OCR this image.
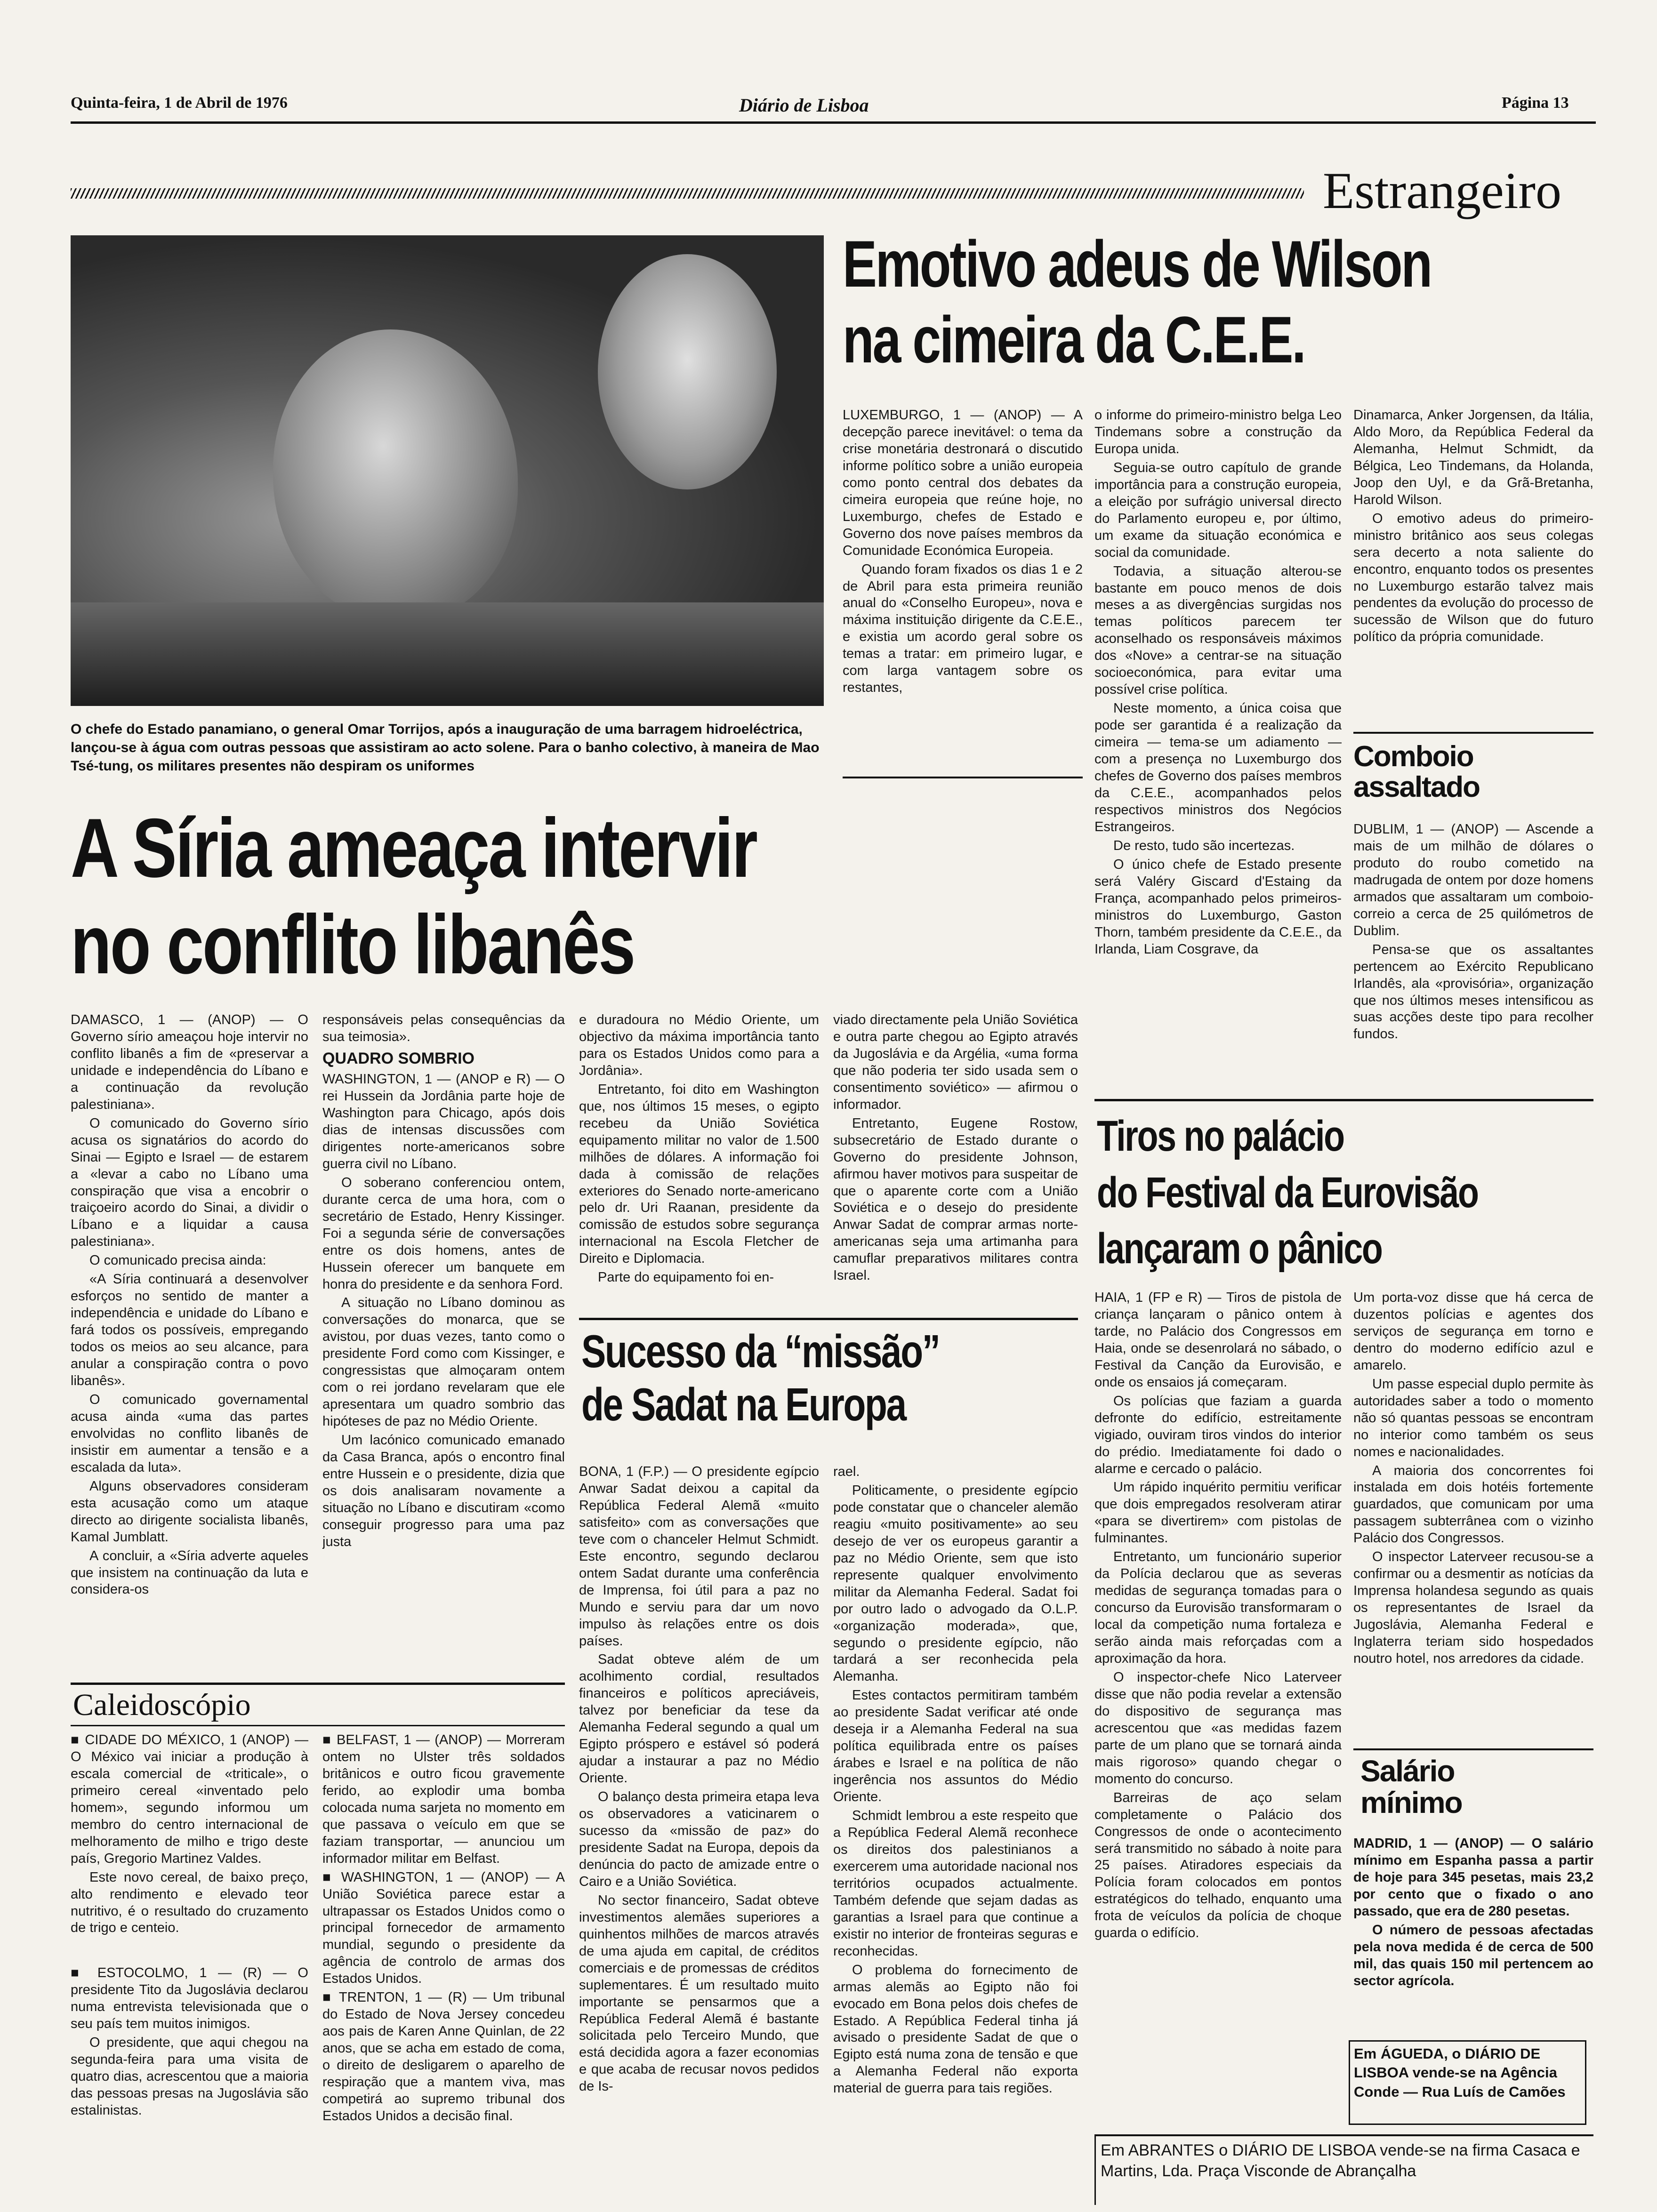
Quinta-feira, 1 de Abril de 1976	Diário de Lisboa	Página 13
Estrangeiro
O chefe do Estado panamiano, o general Omar Torrijos, após a inauguração de uma barragem hidroeléctrica, lançou-se à água com outras pessoas que assistiram ao acto solene. Para o banho colectivo, à maneira de Mao Tsé-tung, os militares presentes não despiram os uniformes
Emotivo adeus de Wilson
na cimeira da C.E.E.

LUXEMBURGO, 1 — (ANOP) — A decepção parece inevitável: o tema da crise monetária destronará o discutido informe político sobre a união europeia como ponto central dos debates da cimeira europeia que reúne hoje, no Luxemburgo, chefes de Estado e Governo dos nove países membros da Comunidade Económica Europeia.

Quando foram fixados os dias 1 e 2 de Abril para esta primeira reunião anual do «Conselho Europeu», nova e máxima instituição dirigente da C.E.E., e existia um acordo geral sobre os temas a tratar: em primeiro lugar, e com larga vantagem sobre os restantes,

o informe do primeiro-ministro belga Leo Tindemans sobre a construção da Europa unida.

Seguia-se outro capítulo de grande importância para a construção europeia, a eleição por sufrágio universal directo do Parlamento europeu e, por último, um exame da situação económica e social da comunidade.

Todavia, a situação alterou-se bastante em pouco menos de dois meses a as divergências surgidas nos temas políticos parecem ter aconselhado os responsáveis máximos dos «Nove» a centrar-se na situação socioeconómica, para evitar uma possível crise política.

Neste momento, a única coisa que pode ser garantida é a realização da cimeira — tema-se um adiamento — com a presença no Luxemburgo dos chefes de Governo dos países membros da C.E.E., acompanhados pelos respectivos ministros dos Negócios Estrangeiros.

De resto, tudo são incertezas.

O único chefe de Estado presente será Valéry Giscard d'Estaing da França, acompanhado pelos primeiros-ministros do Luxemburgo, Gaston Thorn, também presidente da C.E.E., da Irlanda, Liam Cosgrave, da

Dinamarca, Anker Jorgensen, da Itália, Aldo Moro, da República Federal da Alemanha, Helmut Schmidt, da Bélgica, Leo Tindemans, da Holanda, Joop den Uyl, e da Grã-Bretanha, Harold Wilson.

O emotivo adeus do primeiro-ministro britânico aos seus colegas sera decerto a nota saliente do encontro, enquanto todos os presentes no Luxemburgo estarão talvez mais pendentes da evolução do processo de sucessão de Wilson que do futuro político da própria comunidade.

Comboio
assaltado

DUBLIM, 1 — (ANOP) — Ascende a mais de um milhão de dólares o produto do roubo cometido na madrugada de ontem por doze homens armados que assaltaram um comboio-correio a cerca de 25 quilómetros de Dublim.

Pensa-se que os assaltantes pertencem ao Exército Republicano Irlandês, ala «provisória», organização que nos últimos meses intensificou as suas acções deste tipo para recolher fundos.

A Síria ameaça intervir
no conflito libanês

DAMASCO, 1 — (ANOP) — O Governo sírio ameaçou hoje intervir no conflito libanês a fim de «preservar a unidade e independência do Líbano e a continuação da revolução palestiniana».

O comunicado do Governo sírio acusa os signatários do acordo do Sinai — Egipto e Israel — de estarem a «levar a cabo no Líbano uma conspiração que visa a encobrir o traiçoeiro acordo do Sinai, a dividir o Líbano e a liquidar a causa palestiniana».

O comunicado precisa ainda:

«A Síria continuará a desenvolver esforços no sentido de manter a independência e unidade do Líbano e fará todos os possíveis, empregando todos os meios ao seu alcance, para anular a conspiração contra o povo libanês».

O comunicado governamental acusa ainda «uma das partes envolvidas no conflito libanês de insistir em aumentar a tensão e a escalada da luta».

Alguns observadores consideram esta acusação como um ataque directo ao dirigente socialista libanês, Kamal Jumblatt.

A concluir, a «Síria adverte aqueles que insistem na continuação da luta e considera-os

responsáveis pelas consequências da sua teimosia».

QUADRO SOMBRIO

WASHINGTON, 1 — (ANOP e R) — O rei Hussein da Jordânia parte hoje de Washington para Chicago, após dois dias de intensas discussões com dirigentes norte-americanos sobre guerra civil no Líbano.

O soberano conferenciou ontem, durante cerca de uma hora, com o secretário de Estado, Henry Kissinger. Foi a segunda série de conversações entre os dois homens, antes de Hussein oferecer um banquete em honra do presidente e da senhora Ford.

A situação no Líbano dominou as conversações do monarca, que se avistou, por duas vezes, tanto como o presidente Ford como com Kissinger, e congressistas que almoçaram ontem com o rei jordano revelaram que ele apresentara um quadro sombrio das hipóteses de paz no Médio Oriente.

Um lacónico comunicado emanado da Casa Branca, após o encontro final entre Hussein e o presidente, dizia que os dois analisaram novamente a situação no Líbano e discutiram «como conseguir progresso para uma paz justa

e duradoura no Médio Oriente, um objectivo da máxima importância tanto para os Estados Unidos como para a Jordânia».

Entretanto, foi dito em Washington que, nos últimos 15 meses, o egipto recebeu da União Soviética equipamento militar no valor de 1.500 milhões de dólares. A informação foi dada à comissão de relações exteriores do Senado norte-americano pelo dr. Uri Raanan, presidente da comissão de estudos sobre segurança internacional na Escola Fletcher de Direito e Diplomacia.

Parte do equipamento foi en-

viado directamente pela União Soviética e outra parte chegou ao Egipto através da Jugoslávia e da Argélia, «uma forma que não poderia ter sido usada sem o consentimento soviético» — afirmou o informador.

Entretanto, Eugene Rostow, subsecretário de Estado durante o Governo do presidente Johnson, afirmou haver motivos para suspeitar de que o aparente corte com a União Soviética e o desejo do presidente Anwar Sadat de comprar armas norte-americanas seja uma artimanha para camuflar preparativos militares contra Israel.

Sucesso da “missão”
de Sadat na Europa

BONA, 1 (F.P.) — O presidente egípcio Anwar Sadat deixou a capital da República Federal Alemã «muito satisfeito» com as conversações que teve com o chanceler Helmut Schmidt. Este encontro, segundo declarou ontem Sadat durante uma conferência de Imprensa, foi útil para a paz no Mundo e serviu para dar um novo impulso às relações entre os dois países.

Sadat obteve além de um acolhimento cordial, resultados financeiros e políticos apreciáveis, talvez por beneficiar da tese da Alemanha Federal segundo a qual um Egipto próspero e estável só poderá ajudar a instaurar a paz no Médio Oriente.

O balanço desta primeira etapa leva os observadores a vaticinarem o sucesso da «missão de paz» do presidente Sadat na Europa, depois da denúncia do pacto de amizade entre o Cairo e a União Soviética.

No sector financeiro, Sadat obteve investimentos alemães superiores a quinhentos milhões de marcos através de uma ajuda em capital, de créditos comerciais e de promessas de créditos suplementares. É um resultado muito importante se pensarmos que a República Federal Alemã é bastante solicitada pelo Terceiro Mundo, que está decidida agora a fazer economias e que acaba de recusar novos pedidos de Is-

rael.

Politicamente, o presidente egípcio pode constatar que o chanceler alemão reagiu «muito positivamente» ao seu desejo de ver os europeus garantir a paz no Médio Oriente, sem que isto represente qualquer envolvimento militar da Alemanha Federal. Sadat foi por outro lado o advogado da O.L.P. «organização moderada», que, segundo o presidente egípcio, não tardará a ser reconhecida pela Alemanha.

Estes contactos permitiram também ao presidente Sadat verificar até onde deseja ir a Alemanha Federal na sua política equilibrada entre os países árabes e Israel e na política de não ingerência nos assuntos do Médio Oriente.

Schmidt lembrou a este respeito que a República Federal Alemã reconhece os direitos dos palestinianos a exercerem uma autoridade nacional nos territórios ocupados actualmente. Também defende que sejam dadas as garantias a Israel para que continue a existir no interior de fronteiras seguras e reconhecidas.

O problema do fornecimento de armas alemãs ao Egipto não foi evocado em Bona pelos dois chefes de Estado. A República Federal tinha já avisado o presidente Sadat de que o Egipto está numa zona de tensão e que a Alemanha Federal não exporta material de guerra para tais regiões.

Caleidoscópio

■ CIDADE DO MÉXICO, 1 (ANOP) — O México vai iniciar a produção à escala comercial de «triticale», o primeiro cereal «inventado pelo homem», segundo informou um membro do centro internacional de melhoramento de milho e trigo deste país, Gregorio Martinez Valdes.

Este novo cereal, de baixo preço, alto rendimento e elevado teor nutritivo, é o resultado do cruzamento de trigo e centeio.

■ ESTOCOLMO, 1 — (R) — O presidente Tito da Jugoslávia declarou numa entrevista televisionada que o seu país tem muitos inimigos.

O presidente, que aqui chegou na segunda-feira para uma visita de quatro dias, acrescentou que a maioria das pessoas presas na Jugoslávia são estalinistas.

■ BELFAST, 1 — (ANOP) — Morreram ontem no Ulster três soldados britânicos e outro ficou gravemente ferido, ao explodir uma bomba colocada numa sarjeta no momento em que passava o veículo em que se faziam transportar, — anunciou um informador militar em Belfast.

■ WASHINGTON, 1 — (ANOP) — A União Soviética parece estar a ultrapassar os Estados Unidos como o principal fornecedor de armamento mundial, segundo o presidente da agência de controlo de armas dos Estados Unidos.

■ TRENTON, 1 — (R) — Um tribunal do Estado de Nova Jersey concedeu aos pais de Karen Anne Quinlan, de 22 anos, que se acha em estado de coma, o direito de desligarem o aparelho de respiração que a mantem viva, mas competirá ao supremo tribunal dos Estados Unidos a decisão final.

Tiros no palácio
do Festival da Eurovisão
lançaram o pânico

HAIA, 1 (FP e R) — Tiros de pistola de criança lançaram o pânico ontem à tarde, no Palácio dos Congressos em Haia, onde se desenrolará no sábado, o Festival da Canção da Eurovisão, e onde os ensaios já começaram.

Os polícias que faziam a guarda defronte do edifício, estreitamente vigiado, ouviram tiros vindos do interior do prédio. Imediatamente foi dado o alarme e cercado o palácio.

Um rápido inquérito permitiu verificar que dois empregados resolveram atirar «para se divertirem» com pistolas de fulminantes.

Entretanto, um funcionário superior da Polícia declarou que as severas medidas de segurança tomadas para o concurso da Eurovisão transformaram o local da competição numa fortaleza e serão ainda mais reforçadas com a aproximação da hora.

O inspector-chefe Nico Laterveer disse que não podia revelar a extensão do dispositivo de segurança mas acrescentou que «as medidas fazem parte de um plano que se tornará ainda mais rigoroso» quando chegar o momento do concurso.

Barreiras de aço selam completamente o Palácio dos Congressos de onde o acontecimento será transmitido no sábado à noite para 25 países. Atiradores especiais da Polícia foram colocados em pontos estratégicos do telhado, enquanto uma frota de veículos da polícia de choque guarda o edifício.

Um porta-voz disse que há cerca de duzentos polícias e agentes dos serviços de segurança em torno e dentro do moderno edifício azul e amarelo.

Um passe especial duplo permite às autoridades saber a todo o momento não só quantas pessoas se encontram no interior como também os seus nomes e nacionalidades.

A maioria dos concorrentes foi instalada em dois hotéis fortemente guardados, que comunicam por uma passagem subterrânea com o vizinho Palácio dos Congressos.

O inspector Laterveer recusou-se a confirmar ou a desmentir as notícias da Imprensa holandesa segundo as quais os representantes de Israel da Jugoslávia, Alemanha Federal e Inglaterra teriam sido hospedados noutro hotel, nos arredores da cidade.

Salário
mínimo

MADRID, 1 — (ANOP) — O salário mínimo em Espanha passa a partir de hoje para 345 pesetas, mais 23,2 por cento que o fixado o ano passado, que era de 280 pesetas.

O número de pessoas afectadas pela nova medida é de cerca de 500 mil, das quais 150 mil pertencem ao sector agrícola.

Em ÁGUEDA, o DIÁRIO DE LISBOA vende-se na Agência Conde — Rua Luís de Camões
Em ABRANTES o DIÁRIO DE LISBOA vende-se na firma Casaca e Martins, Lda. Praça Visconde de Abrançalha
